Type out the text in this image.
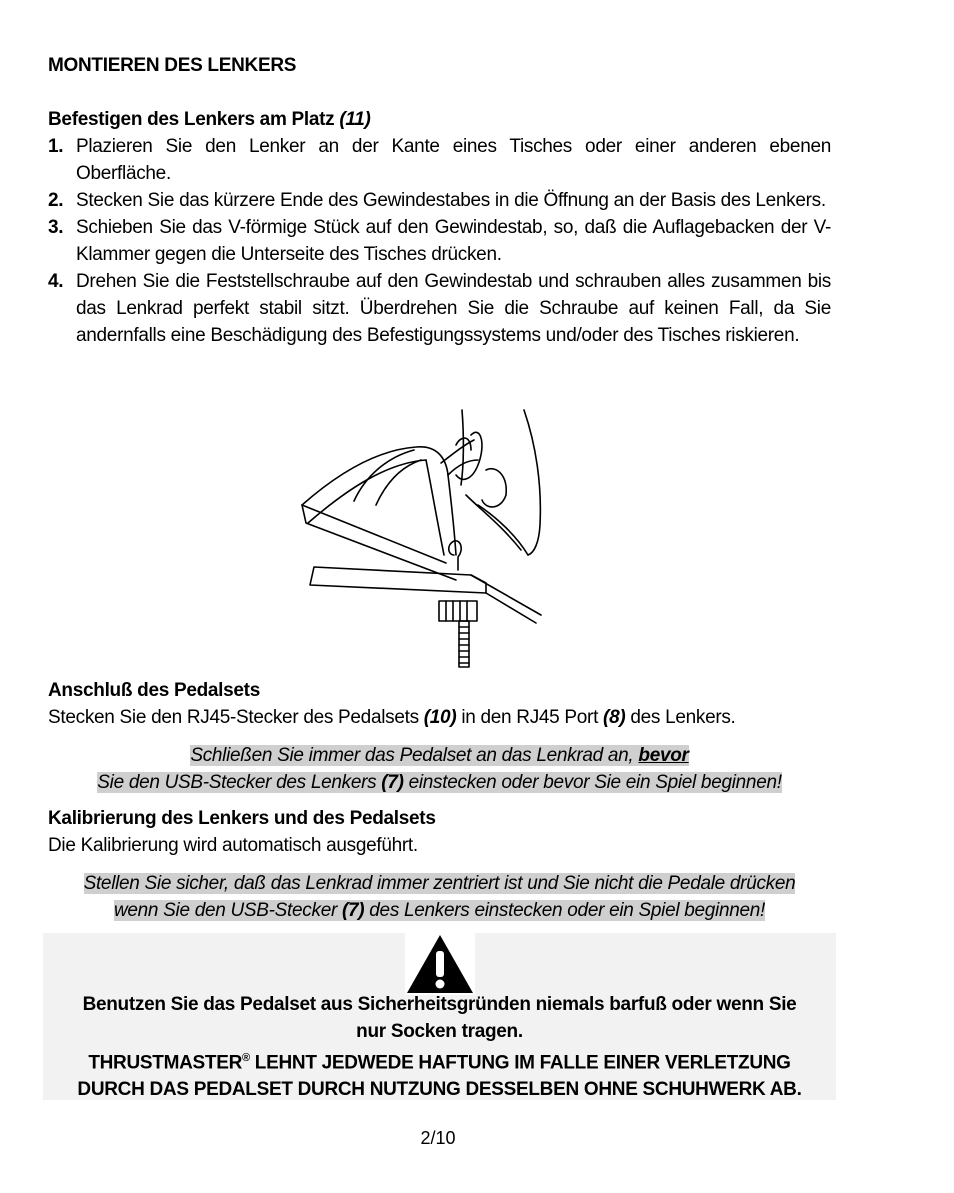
MONTIEREN DES LENKERS
Befestigen des Lenkers am Platz (11)
1. Plazieren Sie den Lenker an der Kante eines Tisches oder einer anderen ebenen Oberfläche.
2. Stecken Sie das kürzere Ende des Gewindestabes in die Öffnung an der Basis des Lenkers.
3. Schieben Sie das V-förmige Stück auf den Gewindestab, so, daß die Auflagebacken der V-Klammer gegen die Unterseite des Tisches drücken.
4. Drehen Sie die Feststellschraube auf den Gewindestab und schrauben alles zusammen bis das Lenkrad perfekt stabil sitzt. Überdrehen Sie die Schraube auf keinen Fall, da Sie andernfalls eine Beschädigung des Befestigungssystems und/oder des Tisches riskieren.
Anschluß des Pedalsets
Stecken Sie den RJ45-Stecker des Pedalsets (10) in den RJ45 Port (8) des Lenkers.
Schließen Sie immer das Pedalset an das Lenkrad an, bevor
Sie den USB-Stecker des Lenkers (7) einstecken oder bevor Sie ein Spiel beginnen!
Kalibrierung des Lenkers und des Pedalsets
Die Kalibrierung wird automatisch ausgeführt.
Stellen Sie sicher, daß das Lenkrad immer zentriert ist und Sie nicht die Pedale drücken
wenn Sie den USB-Stecker (7) des Lenkers einstecken oder ein Spiel beginnen!
Benutzen Sie das Pedalset aus Sicherheitsgründen niemals barfuß oder wenn Sie
nur Socken tragen.
THRUSTMASTER® LEHNT JEDWEDE HAFTUNG IM FALLE EINER VERLETZUNG
DURCH DAS PEDALSET DURCH NUTZUNG DESSELBEN OHNE SCHUHWERK AB.
2/10
